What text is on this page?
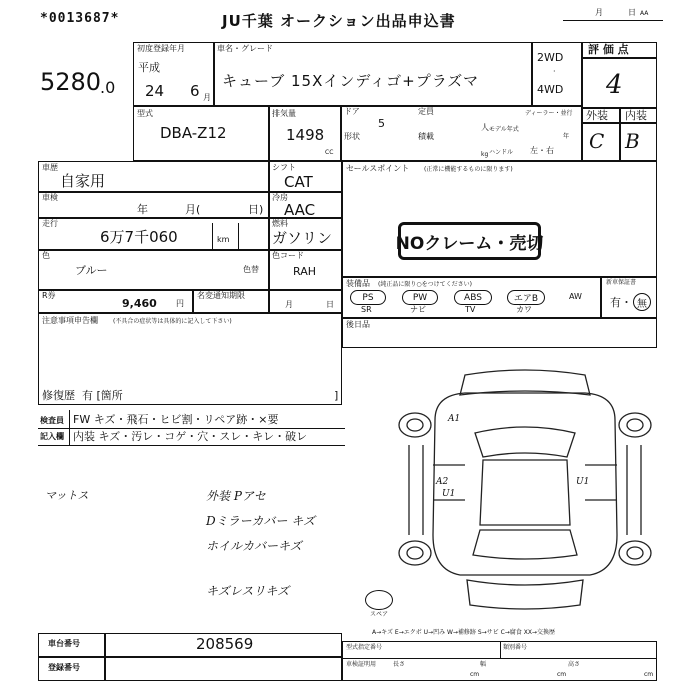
*0013687*	JU千葉 オークション出品申込書	月	日 AA
5280
.0
初度登録年月
平成
24 6 月
車名・グレード
キューブ 15Xインディゴ+プラズマ
2WD
·
4WD
評 価 点
4
外装 内装
C B
型式
DBA-Z12
排気量
1498
CC
ドア
5
形状
定員
人
積載
kg
ディーラー・並行
モデル年式
年
ハンドル 左・右
車歴
自家用
シフト
CAT
車検
年	月(	日)
冷房
AAC
走行
6万7千060	km
燃料
ガソリン
色
ブルー	色替
色コード
RAH
R券
9,460 円
名変通知期限
月	日
注意事項申告欄	(不具合の症状等は具体的に記入して下さい)
修復歴 有 [箇所	]
検査員 FW キズ・飛石・ヒビ割・リペア跡・×要
記入欄 内装 キズ・汚レ・コゲ・穴・スレ・キレ・破レ
セールスポイント (正常に機能するものに限ります)
NOクレーム・売切
装備品 (純正品に限り○をつけてください)	新車保証書
有・ 無
PS	PW	ABS	エアB	AW
SR	ナビ	TV	カワ
後日品
マットス	外装 Pアセ
Dミラーカバー キズ
ホイルカバーキズ
キズレスリキズ
A1
A2
U1
U1
スペア
A→キズ E→エクボ U→凹み W→補修跡 S→サビ C→腐食 XX→交換歴
車台番号	208569
登録番号
型式指定番号	類別番号
車検証明用	長さ	幅	高さ
cm	cm	cm
